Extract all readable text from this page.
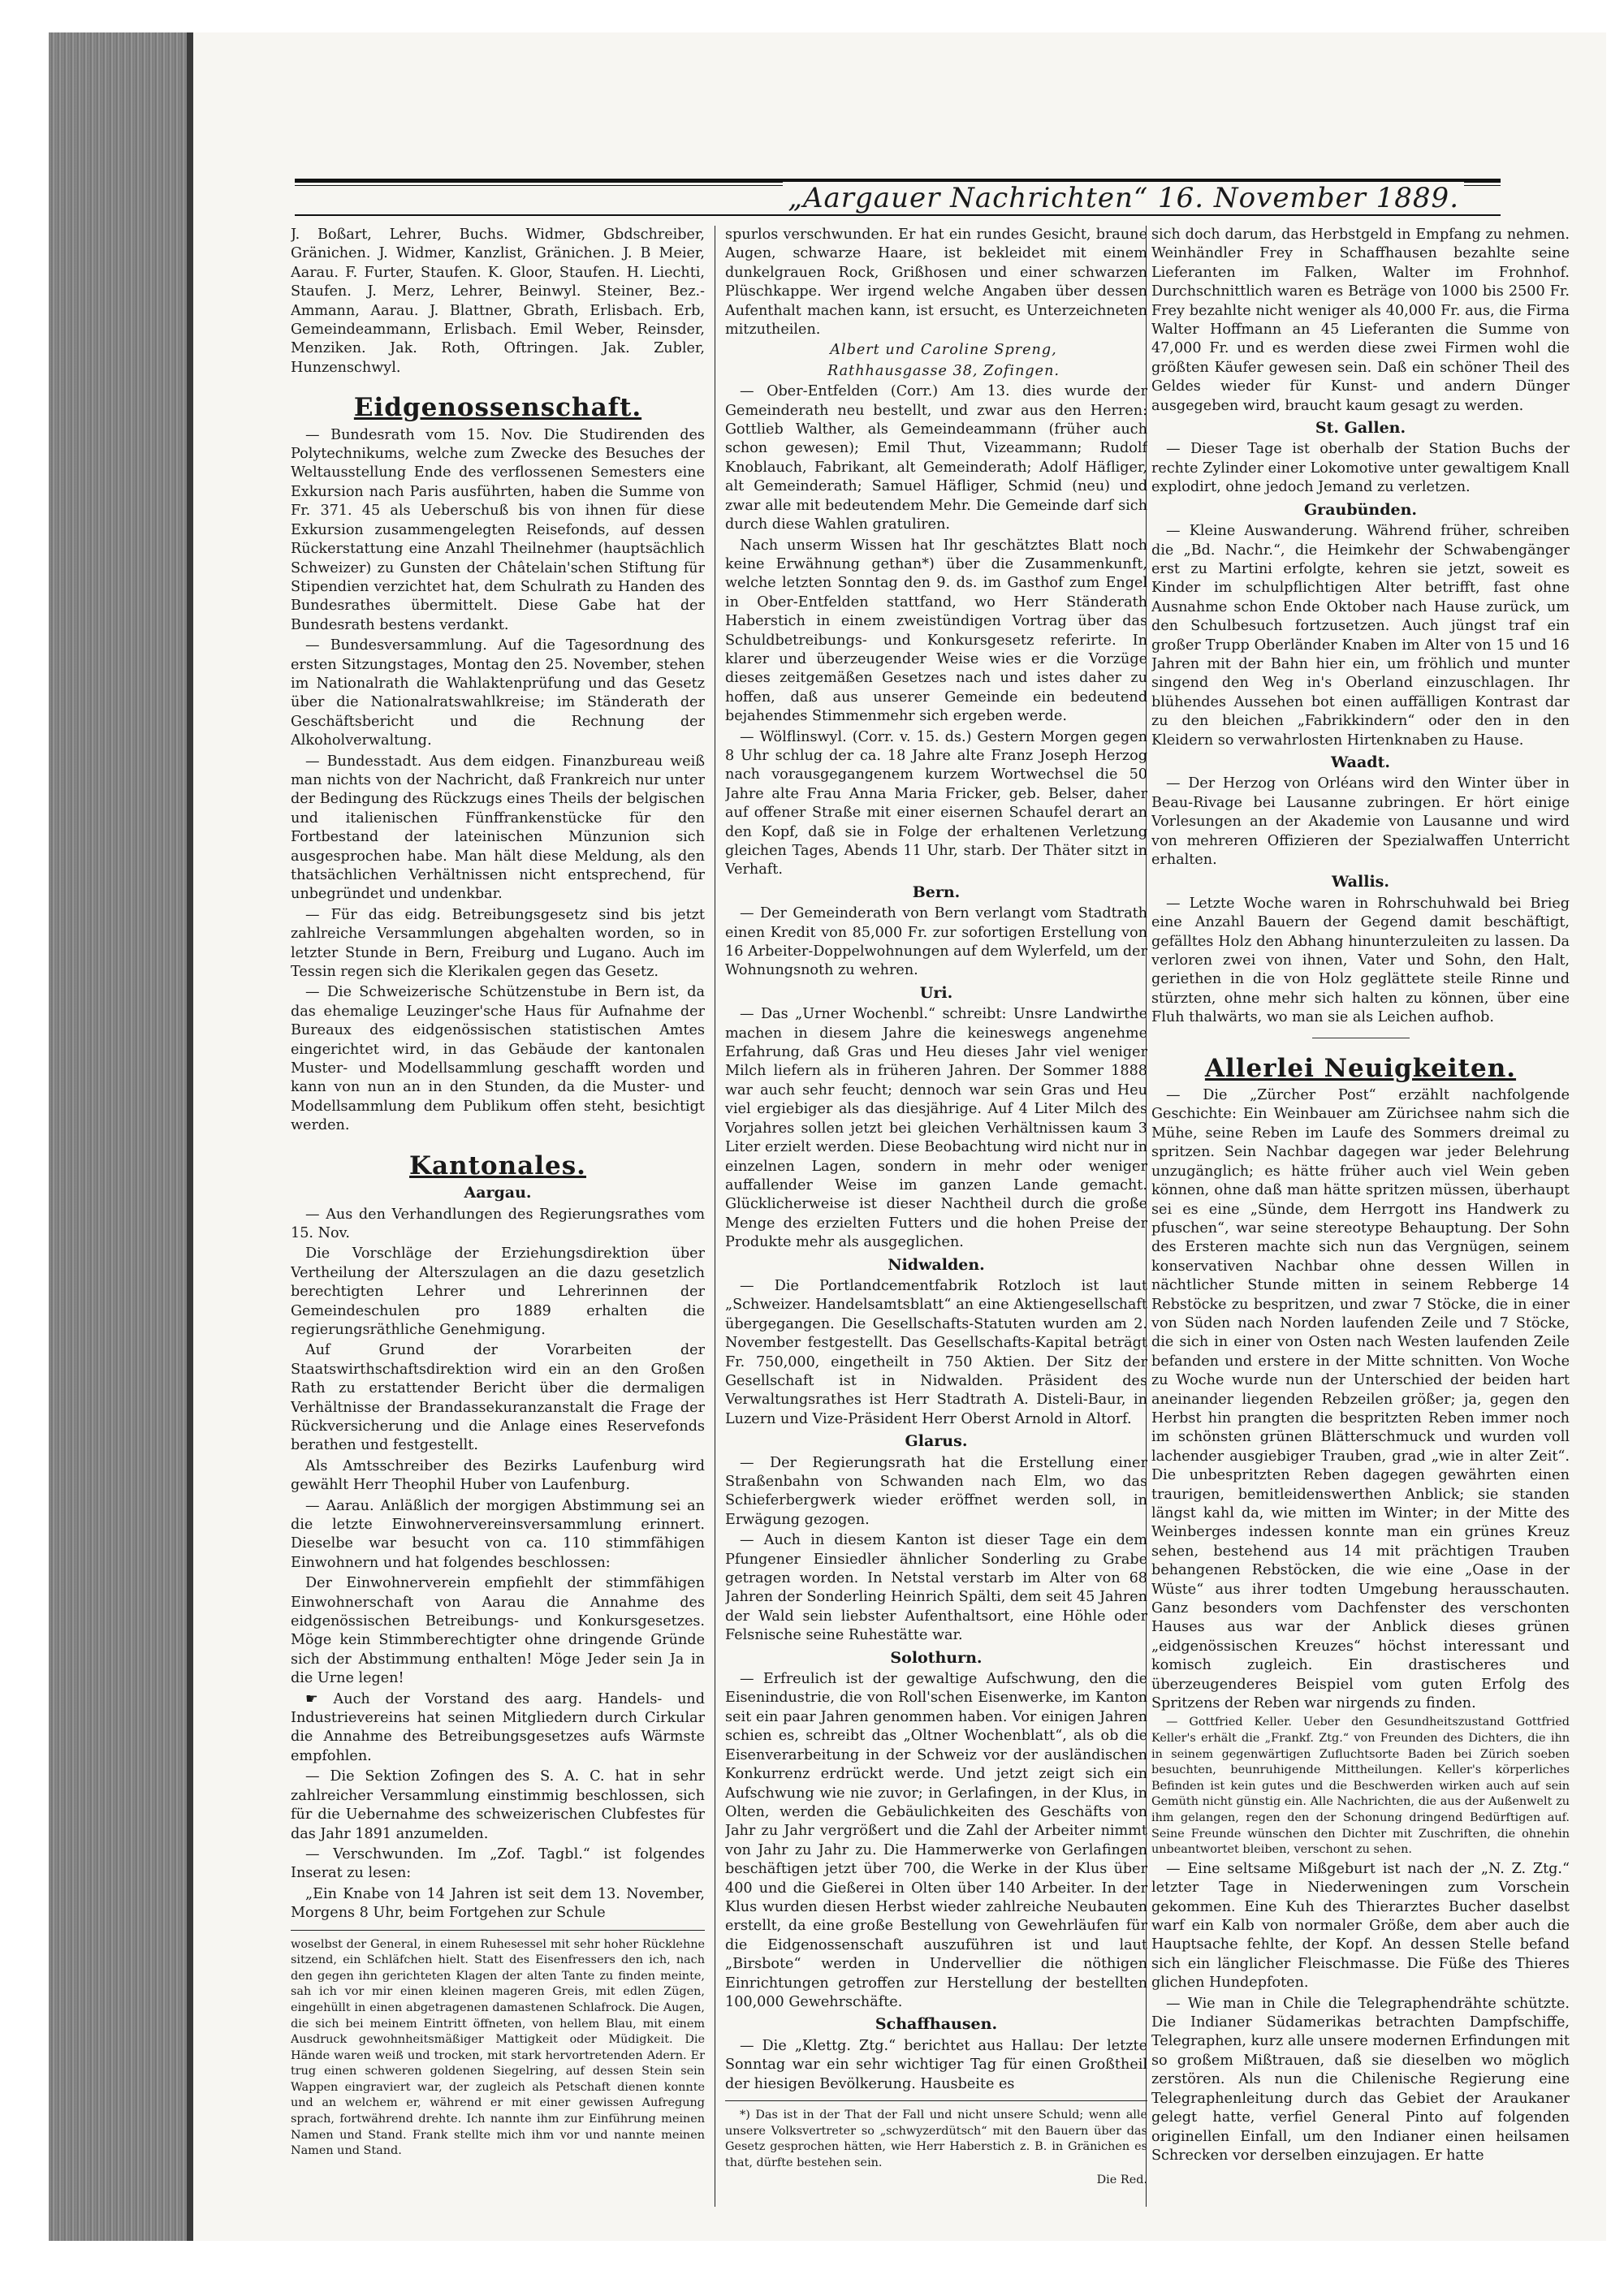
„Aargauer Nachrichten“ 16. November 1889.

J. Boßart, Lehrer, Buchs. Widmer, Gbdschreiber, Gränichen. J. Widmer, Kanzlist, Gränichen. J. B Meier, Aarau. F. Furter, Staufen. K. Gloor, Staufen. H. Liechti, Staufen. J. Merz, Lehrer, Beinwyl. Steiner, Bez.-Ammann, Aarau. J. Blattner, Gbrath, Erlisbach. Erb, Gemeindeammann, Erlisbach. Emil Weber, Reinsder, Menziken. Jak. Roth, Oftringen. Jak. Zubler, Hunzenschwyl.

Eidgenossenschaft.

— Bundesrath vom 15. Nov. Die Studirenden des Polytechnikums, welche zum Zwecke des Besuches der Weltausstellung Ende des verflossenen Semesters eine Exkursion nach Paris ausführten, haben die Summe von Fr. 371. 45 als Ueberschuß bis von ihnen für diese Exkursion zusammengelegten Reisefonds, auf dessen Rückerstattung eine Anzahl Theilnehmer (hauptsächlich Schweizer) zu Gunsten der Châtelain'schen Stiftung für Stipendien verzichtet hat, dem Schulrath zu Handen des Bundesrathes übermittelt. Diese Gabe hat der Bundesrath bestens verdankt.

— Bundesversammlung. Auf die Tagesordnung des ersten Sitzungstages, Montag den 25. November, stehen im Nationalrath die Wahlaktenprüfung und das Gesetz über die Nationalratswahlkreise; im Ständerath der Geschäftsbericht und die Rechnung der Alkoholverwaltung.

— Bundesstadt. Aus dem eidgen. Finanzbureau weiß man nichts von der Nachricht, daß Frankreich nur unter der Bedingung des Rückzugs eines Theils der belgischen und italienischen Fünffrankenstücke für den Fortbestand der lateinischen Münzunion sich ausgesprochen habe. Man hält diese Meldung, als den thatsächlichen Verhältnissen nicht entsprechend, für unbegründet und undenkbar.

— Für das eidg. Betreibungsgesetz sind bis jetzt zahlreiche Versammlungen abgehalten worden, so in letzter Stunde in Bern, Freiburg und Lugano. Auch im Tessin regen sich die Klerikalen gegen das Gesetz.

— Die Schweizerische Schützenstube in Bern ist, da das ehemalige Leuzinger'sche Haus für Aufnahme der Bureaux des eidgenössischen statistischen Amtes eingerichtet wird, in das Gebäude der kantonalen Muster- und Modellsammlung geschafft worden und kann von nun an in den Stunden, da die Muster- und Modellsammlung dem Publikum offen steht, besichtigt werden.

Kantonales.
Aargau.

— Aus den Verhandlungen des Regierungsrathes vom 15. Nov.

Die Vorschläge der Erziehungsdirektion über Vertheilung der Alterszulagen an die dazu gesetzlich berechtigten Lehrer und Lehrerinnen der Gemeindeschulen pro 1889 erhalten die regierungsräthliche Genehmigung.

Auf Grund der Vorarbeiten der Staatswirthschaftsdirektion wird ein an den Großen Rath zu erstattender Bericht über die dermaligen Verhältnisse der Brandassekuranzanstalt die Frage der Rückversicherung und die Anlage eines Reservefonds berathen und festgestellt.

Als Amtsschreiber des Bezirks Laufenburg wird gewählt Herr Theophil Huber von Laufenburg.

— Aarau. Anläßlich der morgigen Abstimmung sei an die letzte Einwohnervereinsversammlung erinnert. Dieselbe war besucht von ca. 110 stimmfähigen Einwohnern und hat folgendes beschlossen:

Der Einwohnerverein empfiehlt der stimmfähigen Einwohnerschaft von Aarau die Annahme des eidgenössischen Betreibungs- und Konkursgesetzes. Möge kein Stimmberechtigter ohne dringende Gründe sich der Abstimmung enthalten! Möge Jeder sein Ja in die Urne legen!

☛ Auch der Vorstand des aarg. Handels- und Industrievereins hat seinen Mitgliedern durch Cirkular die Annahme des Betreibungsgesetzes aufs Wärmste empfohlen.

— Die Sektion Zofingen des S. A. C. hat in sehr zahlreicher Versammlung einstimmig beschlossen, sich für die Uebernahme des schweizerischen Clubfestes für das Jahr 1891 anzumelden.

— Verschwunden. Im „Zof. Tagbl.“ ist folgendes Inserat zu lesen:

„Ein Knabe von 14 Jahren ist seit dem 13. November, Morgens 8 Uhr, beim Fortgehen zur Schule

woselbst der General, in einem Ruhesessel mit sehr hoher Rücklehne sitzend, ein Schläfchen hielt. Statt des Eisenfressers den ich, nach den gegen ihn gerichteten Klagen der alten Tante zu finden meinte, sah ich vor mir einen kleinen mageren Greis, mit edlen Zügen, eingehüllt in einen abgetragenen damastenen Schlafrock. Die Augen, die sich bei meinem Eintritt öffneten, von hellem Blau, mit einem Ausdruck gewohnheitsmäßiger Mattigkeit oder Müdigkeit. Die Hände waren weiß und trocken, mit stark hervortretenden Adern. Er trug einen schweren goldenen Siegelring, auf dessen Stein sein Wappen eingraviert war, der zugleich als Petschaft dienen konnte und an welchem er, während er mit einer gewissen Aufregung sprach, fortwährend drehte. Ich nannte ihm zur Einführung meinen Namen und Stand. Frank stellte mich ihm vor und nannte meinen Namen und Stand.

spurlos verschwunden. Er hat ein rundes Gesicht, braune Augen, schwarze Haare, ist bekleidet mit einem dunkelgrauen Rock, Grißhosen und einer schwarzen Plüschkappe. Wer irgend welche Angaben über dessen Aufenthalt machen kann, ist ersucht, es Unterzeichneten mitzutheilen.

Albert und Caroline Spreng,

Rathhausgasse 38, Zofingen.

— Ober-Entfelden (Corr.) Am 13. dies wurde der Gemeinderath neu bestellt, und zwar aus den Herren: Gottlieb Walther, als Gemeindeammann (früher auch schon gewesen); Emil Thut, Vizeammann; Rudolf Knoblauch, Fabrikant, alt Gemeinderath; Adolf Häfliger, alt Gemeinderath; Samuel Häfliger, Schmid (neu) und zwar alle mit bedeutendem Mehr. Die Gemeinde darf sich durch diese Wahlen gratuliren.

Nach unserm Wissen hat Ihr geschätztes Blatt noch keine Erwähnung gethan*) über die Zusammenkunft, welche letzten Sonntag den 9. ds. im Gasthof zum Engel in Ober-Entfelden stattfand, wo Herr Ständerath Haberstich in einem zweistündigen Vortrag über das Schuldbetreibungs- und Konkursgesetz referirte. In klarer und überzeugender Weise wies er die Vorzüge dieses zeitgemäßen Gesetzes nach und istes daher zu hoffen, daß aus unserer Gemeinde ein bedeutend bejahendes Stimmenmehr sich ergeben werde.

— Wölflinswyl. (Corr. v. 15. ds.) Gestern Morgen gegen 8 Uhr schlug der ca. 18 Jahre alte Franz Joseph Herzog nach vorausgegangenem kurzem Wortwechsel die 50 Jahre alte Frau Anna Maria Fricker, geb. Belser, daher auf offener Straße mit einer eisernen Schaufel derart an den Kopf, daß sie in Folge der erhaltenen Verletzung gleichen Tages, Abends 11 Uhr, starb. Der Thäter sitzt in Verhaft.

Bern.

— Der Gemeinderath von Bern verlangt vom Stadtrath einen Kredit von 85,000 Fr. zur sofortigen Erstellung von 16 Arbeiter-Doppelwohnungen auf dem Wylerfeld, um der Wohnungsnoth zu wehren.

Uri.

— Das „Urner Wochenbl.“ schreibt: Unsre Landwirthe machen in diesem Jahre die keineswegs angenehme Erfahrung, daß Gras und Heu dieses Jahr viel weniger Milch liefern als in früheren Jahren. Der Sommer 1888 war auch sehr feucht; dennoch war sein Gras und Heu viel ergiebiger als das diesjährige. Auf 4 Liter Milch des Vorjahres sollen jetzt bei gleichen Verhältnissen kaum 3 Liter erzielt werden. Diese Beobachtung wird nicht nur in einzelnen Lagen, sondern in mehr oder weniger auffallender Weise im ganzen Lande gemacht. Glücklicherweise ist dieser Nachtheil durch die große Menge des erzielten Futters und die hohen Preise der Produkte mehr als ausgeglichen.

Nidwalden.

— Die Portlandcementfabrik Rotzloch ist laut „Schweizer. Handelsamtsblatt“ an eine Aktiengesellschaft übergegangen. Die Gesellschafts-Statuten wurden am 2. November festgestellt. Das Gesellschafts-Kapital beträgt Fr. 750,000, eingetheilt in 750 Aktien. Der Sitz der Gesellschaft ist in Nidwalden. Präsident des Verwaltungsrathes ist Herr Stadtrath A. Disteli-Baur, in Luzern und Vize-Präsident Herr Oberst Arnold in Altorf.

Glarus.

— Der Regierungsrath hat die Erstellung einer Straßenbahn von Schwanden nach Elm, wo das Schieferbergwerk wieder eröffnet werden soll, in Erwägung gezogen.

— Auch in diesem Kanton ist dieser Tage ein dem Pfungener Einsiedler ähnlicher Sonderling zu Grabe getragen worden. In Netstal verstarb im Alter von 68 Jahren der Sonderling Heinrich Spälti, dem seit 45 Jahren der Wald sein liebster Aufenthaltsort, eine Höhle oder Felsnische seine Ruhestätte war.

Solothurn.

— Erfreulich ist der gewaltige Aufschwung, den die Eisenindustrie, die von Roll'schen Eisenwerke, im Kanton seit ein paar Jahren genommen haben. Vor einigen Jahren schien es, schreibt das „Oltner Wochenblatt“, als ob die Eisenverarbeitung in der Schweiz vor der ausländischen Konkurrenz erdrückt werde. Und jetzt zeigt sich ein Aufschwung wie nie zuvor; in Gerlafingen, in der Klus, in Olten, werden die Gebäulichkeiten des Geschäfts von Jahr zu Jahr vergrößert und die Zahl der Arbeiter nimmt von Jahr zu Jahr zu. Die Hammerwerke von Gerlafingen beschäftigen jetzt über 700, die Werke in der Klus über 400 und die Gießerei in Olten über 140 Arbeiter. In der Klus wurden diesen Herbst wieder zahlreiche Neubauten erstellt, da eine große Bestellung von Gewehrläufen für die Eidgenossenschaft auszuführen ist und laut „Birsbote“ werden in Undervellier die nöthigen Einrichtungen getroffen zur Herstellung der bestellten 100,000 Gewehrschäfte.

Schaffhausen.

— Die „Klettg. Ztg.“ berichtet aus Hallau: Der letzte Sonntag war ein sehr wichtiger Tag für einen Großtheil der hiesigen Bevölkerung. Hausbeite es

*) Das ist in der That der Fall und nicht unsere Schuld; wenn alle unsere Volksvertreter so „schwyzerdütsch“ mit den Bauern über das Gesetz gesprochen hätten, wie Herr Haberstich z. B. in Gränichen es that, dürfte bestehen sein.

Die Red.

sich doch darum, das Herbstgeld in Empfang zu nehmen. Weinhändler Frey in Schaffhausen bezahlte seine Lieferanten im Falken, Walter im Frohnhof. Durchschnittlich waren es Beträge von 1000 bis 2500 Fr. Frey bezahlte nicht weniger als 40,000 Fr. aus, die Firma Walter Hoffmann an 45 Lieferanten die Summe von 47,000 Fr. und es werden diese zwei Firmen wohl die größten Käufer gewesen sein. Daß ein schöner Theil des Geldes wieder für Kunst- und andern Dünger ausgegeben wird, braucht kaum gesagt zu werden.

St. Gallen.

— Dieser Tage ist oberhalb der Station Buchs der rechte Zylinder einer Lokomotive unter gewaltigem Knall explodirt, ohne jedoch Jemand zu verletzen.

Graubünden.

— Kleine Auswanderung. Während früher, schreiben die „Bd. Nachr.“, die Heimkehr der Schwabengänger erst zu Martini erfolgte, kehren sie jetzt, soweit es Kinder im schulpflichtigen Alter betrifft, fast ohne Ausnahme schon Ende Oktober nach Hause zurück, um den Schulbesuch fortzusetzen. Auch jüngst traf ein großer Trupp Oberländer Knaben im Alter von 15 und 16 Jahren mit der Bahn hier ein, um fröhlich und munter singend den Weg in's Oberland einzuschlagen. Ihr blühendes Aussehen bot einen auffälligen Kontrast dar zu den bleichen „Fabrikkindern“ oder den in den Kleidern so verwahrlosten Hirtenknaben zu Hause.

Waadt.

— Der Herzog von Orléans wird den Winter über in Beau-Rivage bei Lausanne zubringen. Er hört einige Vorlesungen an der Akademie von Lausanne und wird von mehreren Offizieren der Spezialwaffen Unterricht erhalten.

Wallis.

— Letzte Woche waren in Rohrschuhwald bei Brieg eine Anzahl Bauern der Gegend damit beschäftigt, gefälltes Holz den Abhang hinunterzuleiten zu lassen. Da verloren zwei von ihnen, Vater und Sohn, den Halt, geriethen in die von Holz geglättete steile Rinne und stürzten, ohne mehr sich halten zu können, über eine Fluh thalwärts, wo man sie als Leichen aufhob.

Allerlei Neuigkeiten.

— Die „Zürcher Post“ erzählt nachfolgende Geschichte: Ein Weinbauer am Zürichsee nahm sich die Mühe, seine Reben im Laufe des Sommers dreimal zu spritzen. Sein Nachbar dagegen war jeder Belehrung unzugänglich; es hätte früher auch viel Wein geben können, ohne daß man hätte spritzen müssen, überhaupt sei es eine „Sünde, dem Herrgott ins Handwerk zu pfuschen“, war seine stereotype Behauptung. Der Sohn des Ersteren machte sich nun das Vergnügen, seinem konservativen Nachbar ohne dessen Willen in nächtlicher Stunde mitten in seinem Rebberge 14 Rebstöcke zu bespritzen, und zwar 7 Stöcke, die in einer von Süden nach Norden laufenden Zeile und 7 Stöcke, die sich in einer von Osten nach Westen laufenden Zeile befanden und erstere in der Mitte schnitten. Von Woche zu Woche wurde nun der Unterschied der beiden hart aneinander liegenden Rebzeilen größer; ja, gegen den Herbst hin prangten die bespritzten Reben immer noch im schönsten grünen Blätterschmuck und wurden voll lachender ausgiebiger Trauben, grad „wie in alter Zeit“. Die unbespritzten Reben dagegen gewährten einen traurigen, bemitleidenswerthen Anblick; sie standen längst kahl da, wie mitten im Winter; in der Mitte des Weinberges indessen konnte man ein grünes Kreuz sehen, bestehend aus 14 mit prächtigen Trauben behangenen Rebstöcken, die wie eine „Oase in der Wüste“ aus ihrer todten Umgebung herausschauten. Ganz besonders vom Dachfenster des verschonten Hauses aus war der Anblick dieses grünen „eidgenössischen Kreuzes“ höchst interessant und komisch zugleich. Ein drastischeres und überzeugenderes Beispiel vom guten Erfolg des Spritzens der Reben war nirgends zu finden.

— Gottfried Keller. Ueber den Gesundheitszustand Gottfried Keller's erhält die „Frankf. Ztg.“ von Freunden des Dichters, die ihn in seinem gegenwärtigen Zufluchtsorte Baden bei Zürich soeben besuchten, beunruhigende Mittheilungen. Keller's körperliches Befinden ist kein gutes und die Beschwerden wirken auch auf sein Gemüth nicht günstig ein. Alle Nachrichten, die aus der Außenwelt zu ihm gelangen, regen den der Schonung dringend Bedürftigen auf. Seine Freunde wünschen den Dichter mit Zuschriften, die ohnehin unbeantwortet bleiben, verschont zu sehen.

— Eine seltsame Mißgeburt ist nach der „N. Z. Ztg.“ letzter Tage in Niederweningen zum Vorschein gekommen. Eine Kuh des Thierarztes Bucher daselbst warf ein Kalb von normaler Größe, dem aber auch die Hauptsache fehlte, der Kopf. An dessen Stelle befand sich ein länglicher Fleischmasse. Die Füße des Thieres glichen Hundepfoten.

— Wie man in Chile die Telegraphendrähte schützte. Die Indianer Südamerikas betrachten Dampfschiffe, Telegraphen, kurz alle unsere modernen Erfindungen mit so großem Mißtrauen, daß sie dieselben wo möglich zerstören. Als nun die Chilenische Regierung eine Telegraphenleitung durch das Gebiet der Araukaner gelegt hatte, verfiel General Pinto auf folgenden originellen Einfall, um den Indianer einen heilsamen Schrecken vor derselben einzujagen. Er hatte
